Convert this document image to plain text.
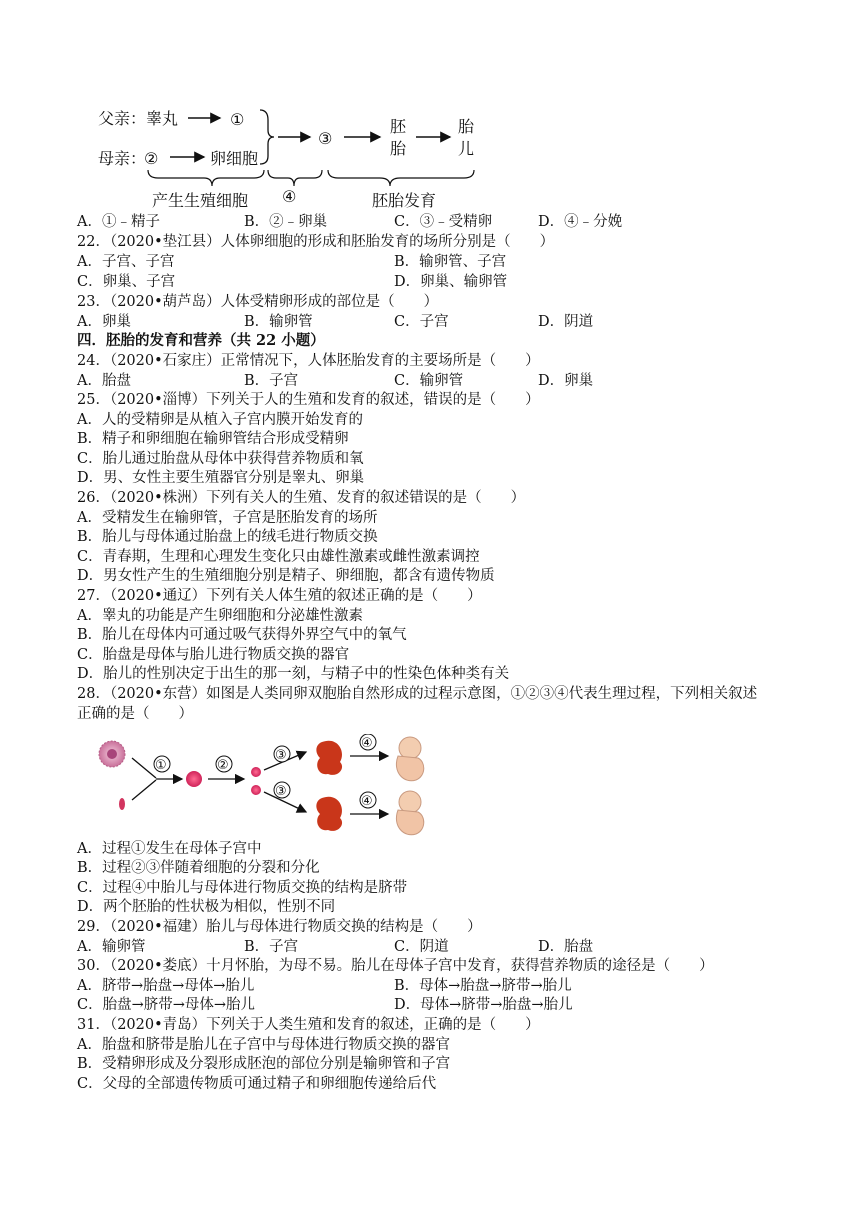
父亲：睾丸	①
母亲：
②	卵细胞
③
胚
胎
胎
儿
产生生殖细胞 ④	胚胎发育
A．①﹣精子	B．②﹣卵巢	C．③﹣受精卵	D．④﹣分娩
22．（2020•垫江县）人体卵细胞的形成和胚胎发育的场所分别是（　　）
A．子宫、子宫	B．输卵管、子宫
C．卵巢、子宫	D．卵巢、输卵管
23．（2020•葫芦岛）人体受精卵形成的部位是（　　）
A．卵巢	B．输卵管	C．子宫	D．阴道
四．胚胎的发育和营养（共 22 小题）
24．（2020•石家庄）正常情况下，人体胚胎发育的主要场所是（　　）
A．胎盘	B．子宫	C．输卵管	D．卵巢
25．（2020•淄博）下列关于人的生殖和发育的叙述，错误的是（　　）
A．人的受精卵是从植入子宫内膜开始发育的
B．精子和卵细胞在输卵管结合形成受精卵
C．胎儿通过胎盘从母体中获得营养物质和氧
D．男、女性主要生殖器官分别是睾丸、卵巢
26．（2020•株洲）下列有关人的生殖、发育的叙述错误的是（　　）
A．受精发生在输卵管，子宫是胚胎发育的场所
B．胎儿与母体通过胎盘上的绒毛进行物质交换
C．青春期，生理和心理发生变化只由雄性激素或雌性激素调控
D．男女性产生的生殖细胞分别是精子、卵细胞，都含有遗传物质
27．（2020•通辽）下列有关人体生殖的叙述正确的是（　　）
A．睾丸的功能是产生卵细胞和分泌雄性激素
B．胎儿在母体内可通过吸气获得外界空气中的氧气
C．胎盘是母体与胎儿进行物质交换的器官
D．胎儿的性别决定于出生的那一刻，与精子中的性染色体种类有关
28．（2020•东营）如图是人类同卵双胞胎自然形成的过程示意图，①②③④代表生理过程，下列相关叙述
正确的是（　　）
①	②
③
③
④
④
A．过程①发生在母体子宫中
B．过程②③伴随着细胞的分裂和分化
C．过程④中胎儿与母体进行物质交换的结构是脐带
D．两个胚胎的性状极为相似，性别不同
29．（2020•福建）胎儿与母体进行物质交换的结构是（　　）
A．输卵管	B．子宫	C．阴道	D．胎盘
30．（2020•娄底）十月怀胎，为母不易。胎儿在母体子宫中发育，获得营养物质的途径是（　　）
A．脐带→胎盘→母体→胎儿	B．母体→胎盘→脐带→胎儿
C．胎盘→脐带→母体→胎儿	D．母体→脐带→胎盘→胎儿
31．（2020•青岛）下列关于人类生殖和发育的叙述，正确的是（　　）
A．胎盘和脐带是胎儿在子宫中与母体进行物质交换的器官
B．受精卵形成及分裂形成胚泡的部位分别是输卵管和子宫
C．父母的全部遗传物质可通过精子和卵细胞传递给后代
